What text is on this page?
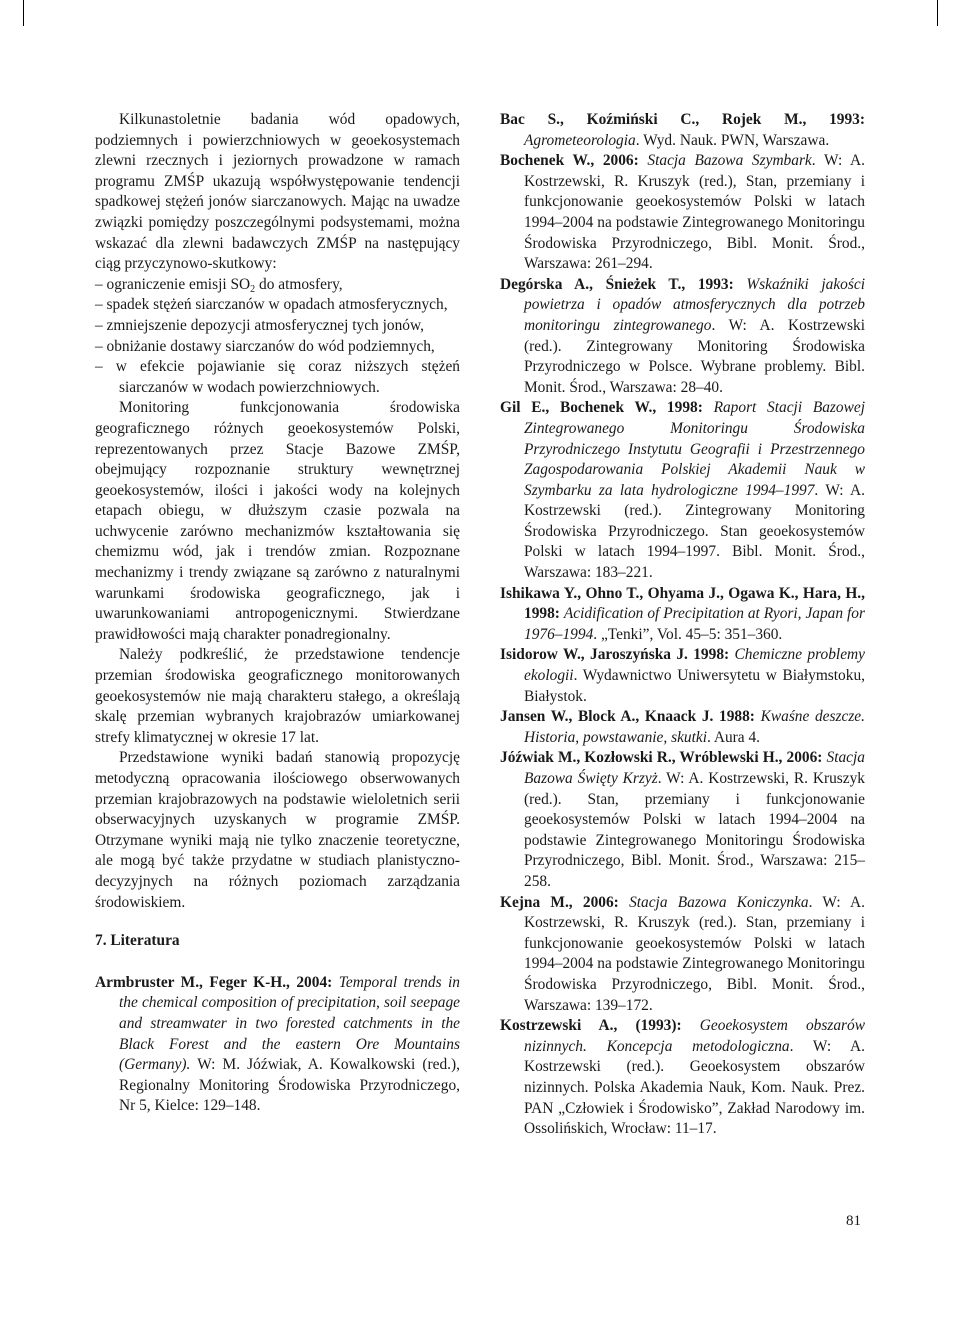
Kilkunastoletnie badania wód opadowych, podziemnych i powierzchniowych w geoekosystemach zlewni rzecznych i jeziornych prowadzone w ramach programu ZMŚP ukazują współwystępowanie tendencji spadkowej stężeń jonów siarczanowych. Mając na uwadze związki pomiędzy poszczególnymi podsystemami, można wskazać dla zlewni badawczych ZMŚP na następujący ciąg przyczynowo-skutkowy:

– ograniczenie emisji $SO_2$ do atmosfery,
– spadek stężeń siarczanów w opadach atmosferycznych,
– zmniejszenie depozycji atmosferycznej tych jonów,
– obniżanie dostawy siarczanów do wód podziemnych,
– w efekcie pojawianie się coraz niższych stężeń siarczanów w wodach powierzchniowych.

Monitoring funkcjonowania środowiska geograficznego różnych geoekosystemów Polski, reprezentowanych przez Stacje Bazowe ZMŚP, obejmujący rozpoznanie struktury wewnętrznej geoekosystemów, ilości i jakości wody na kolejnych etapach obiegu, w dłuższym czasie pozwala na uchwycenie zarówno mechanizmów kształtowania się chemizmu wód, jak i trendów zmian. Rozpoznane mechanizmy i trendy związane są zarówno z naturalnymi warunkami środowiska geograficznego, jak i uwarunkowaniami antropogenicznymi. Stwierdzane prawidłowości mają charakter ponadregionalny.

Należy podkreślić, że przedstawione tendencje przemian środowiska geograficznego monitorowanych geoekosystemów nie mają charakteru stałego, a określają skalę przemian wybranych krajobrazów umiarkowanej strefy klimatycznej w okresie 17 lat.

Przedstawione wyniki badań stanowią propozycję metodyczną opracowania ilościowego obserwowanych przemian krajobrazowych na podstawie wieloletnich serii obserwacyjnych uzyskanych w programie ZMŚP. Otrzymane wyniki mają nie tylko znaczenie teoretyczne, ale mogą być także przydatne w studiach planistyczno-decyzyjnych na różnych poziomach zarządzania środowiskiem.

7. Literatura

Armbruster M., Feger K-H., 2004: Temporal trends in the chemical composition of precipitation, soil seepage and streamwater in two forested catchments in the Black Forest and the eastern Ore Mountains (Germany). W: M. Jóźwiak, A. Kowalkowski (red.), Regionalny Monitoring Środowiska Przyrodniczego, Nr 5, Kielce: 129–148.

Bac S., Koźmiński C., Rojek M., 1993: Agrometeorologia. Wyd. Nauk. PWN, Warszawa.

Bochenek W., 2006: Stacja Bazowa Szymbark. W: A. Kostrzewski, R. Kruszyk (red.), Stan, przemiany i funkcjonowanie geoekosystemów Polski w latach 1994–2004 na podstawie Zintegrowanego Monitoringu Środowiska Przyrodniczego, Bibl. Monit. Środ., Warszawa: 261–294.

Degórska A., Śnieżek T., 1993: Wskaźniki jakości powietrza i opadów atmosferycznych dla potrzeb monitoringu zintegrowanego. W: A. Kostrzewski (red.). Zintegrowany Monitoring Środowiska Przyrodniczego w Polsce. Wybrane problemy. Bibl. Monit. Środ., Warszawa: 28–40.

Gil E., Bochenek W., 1998: Raport Stacji Bazowej Zintegrowanego Monitoringu Środowiska Przyrodniczego Instytutu Geografii i Przestrzennego Zagospodarowania Polskiej Akademii Nauk w Szymbarku za lata hydrologiczne 1994–1997. W: A. Kostrzewski (red.). Zintegrowany Monitoring Środowiska Przyrodniczego. Stan geoekosystemów Polski w latach 1994–1997. Bibl. Monit. Środ., Warszawa: 183–221.

Ishikawa Y., Ohno T., Ohyama J., Ogawa K., Hara, H., 1998: Acidification of Precipitation at Ryori, Japan for 1976–1994. „Tenki”, Vol. 45–5: 351–360.

Isidorow W., Jaroszyńska J. 1998: Chemiczne problemy ekologii. Wydawnictwo Uniwersytetu w Białymstoku, Białystok.

Jansen W., Block A., Knaack J. 1988: Kwaśne deszcze. Historia, powstawanie, skutki. Aura 4.

Jóźwiak M., Kozłowski R., Wróblewski H., 2006: Stacja Bazowa Święty Krzyż. W: A. Kostrzewski, R. Kruszyk (red.). Stan, przemiany i funkcjonowanie geoekosystemów Polski w latach 1994–2004 na podstawie Zintegrowanego Monitoringu Środowiska Przyrodniczego, Bibl. Monit. Środ., Warszawa: 215–258.

Kejna M., 2006: Stacja Bazowa Koniczynka. W: A. Kostrzewski, R. Kruszyk (red.). Stan, przemiany i funkcjonowanie geoekosystemów Polski w latach 1994–2004 na podstawie Zintegrowanego Monitoringu Środowiska Przyrodniczego, Bibl. Monit. Środ., Warszawa: 139–172.

Kostrzewski A., (1993): Geoekosystem obszarów nizinnych. Koncepcja metodologiczna. W: A. Kostrzewski (red.). Geoekosystem obszarów nizinnych. Polska Akademia Nauk, Kom. Nauk. Prez. PAN „Człowiek i Środowisko”, Zakład Narodowy im. Ossolińskich, Wrocław: 11–17.

81
